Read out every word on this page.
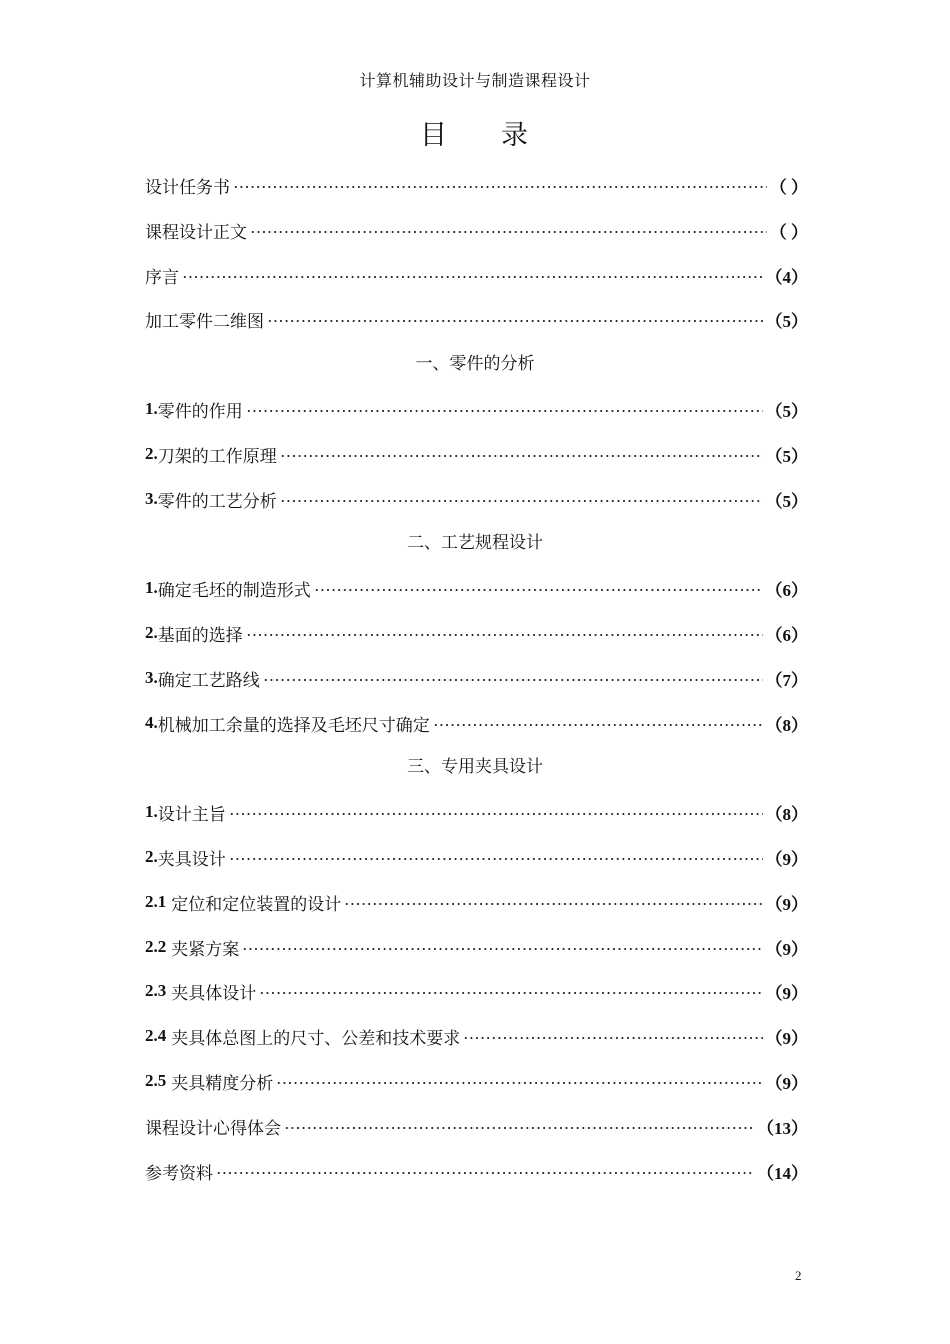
计算机辅助设计与制造课程设计
目 录
设计任务书	（ ）
课程设计正文	（ ）
序言	（4）
加工零件二维图	（5）
一、零件的分析
1. 零件的作用	（5）
2. 刀架的工作原理	（5）
3. 零件的工艺分析	（5）
二、工艺规程设计
1. 确定毛坯的制造形式	（6）
2. 基面的选择	（6）
3. 确定工艺路线	（7）
4. 机械加工余量的选择及毛坯尺寸确定	（8）
三、专用夹具设计
1. 设计主旨	（8）
2. 夹具设计	（9）
2.1 定位和定位装置的设计	（9）
2.2 夹紧方案	（9）
2.3 夹具体设计	（9）
2.4 夹具体总图上的尺寸、公差和技术要求	（9）
2.5 夹具精度分析	（9）
课程设计心得体会	（13）
参考资料	（14）
2
